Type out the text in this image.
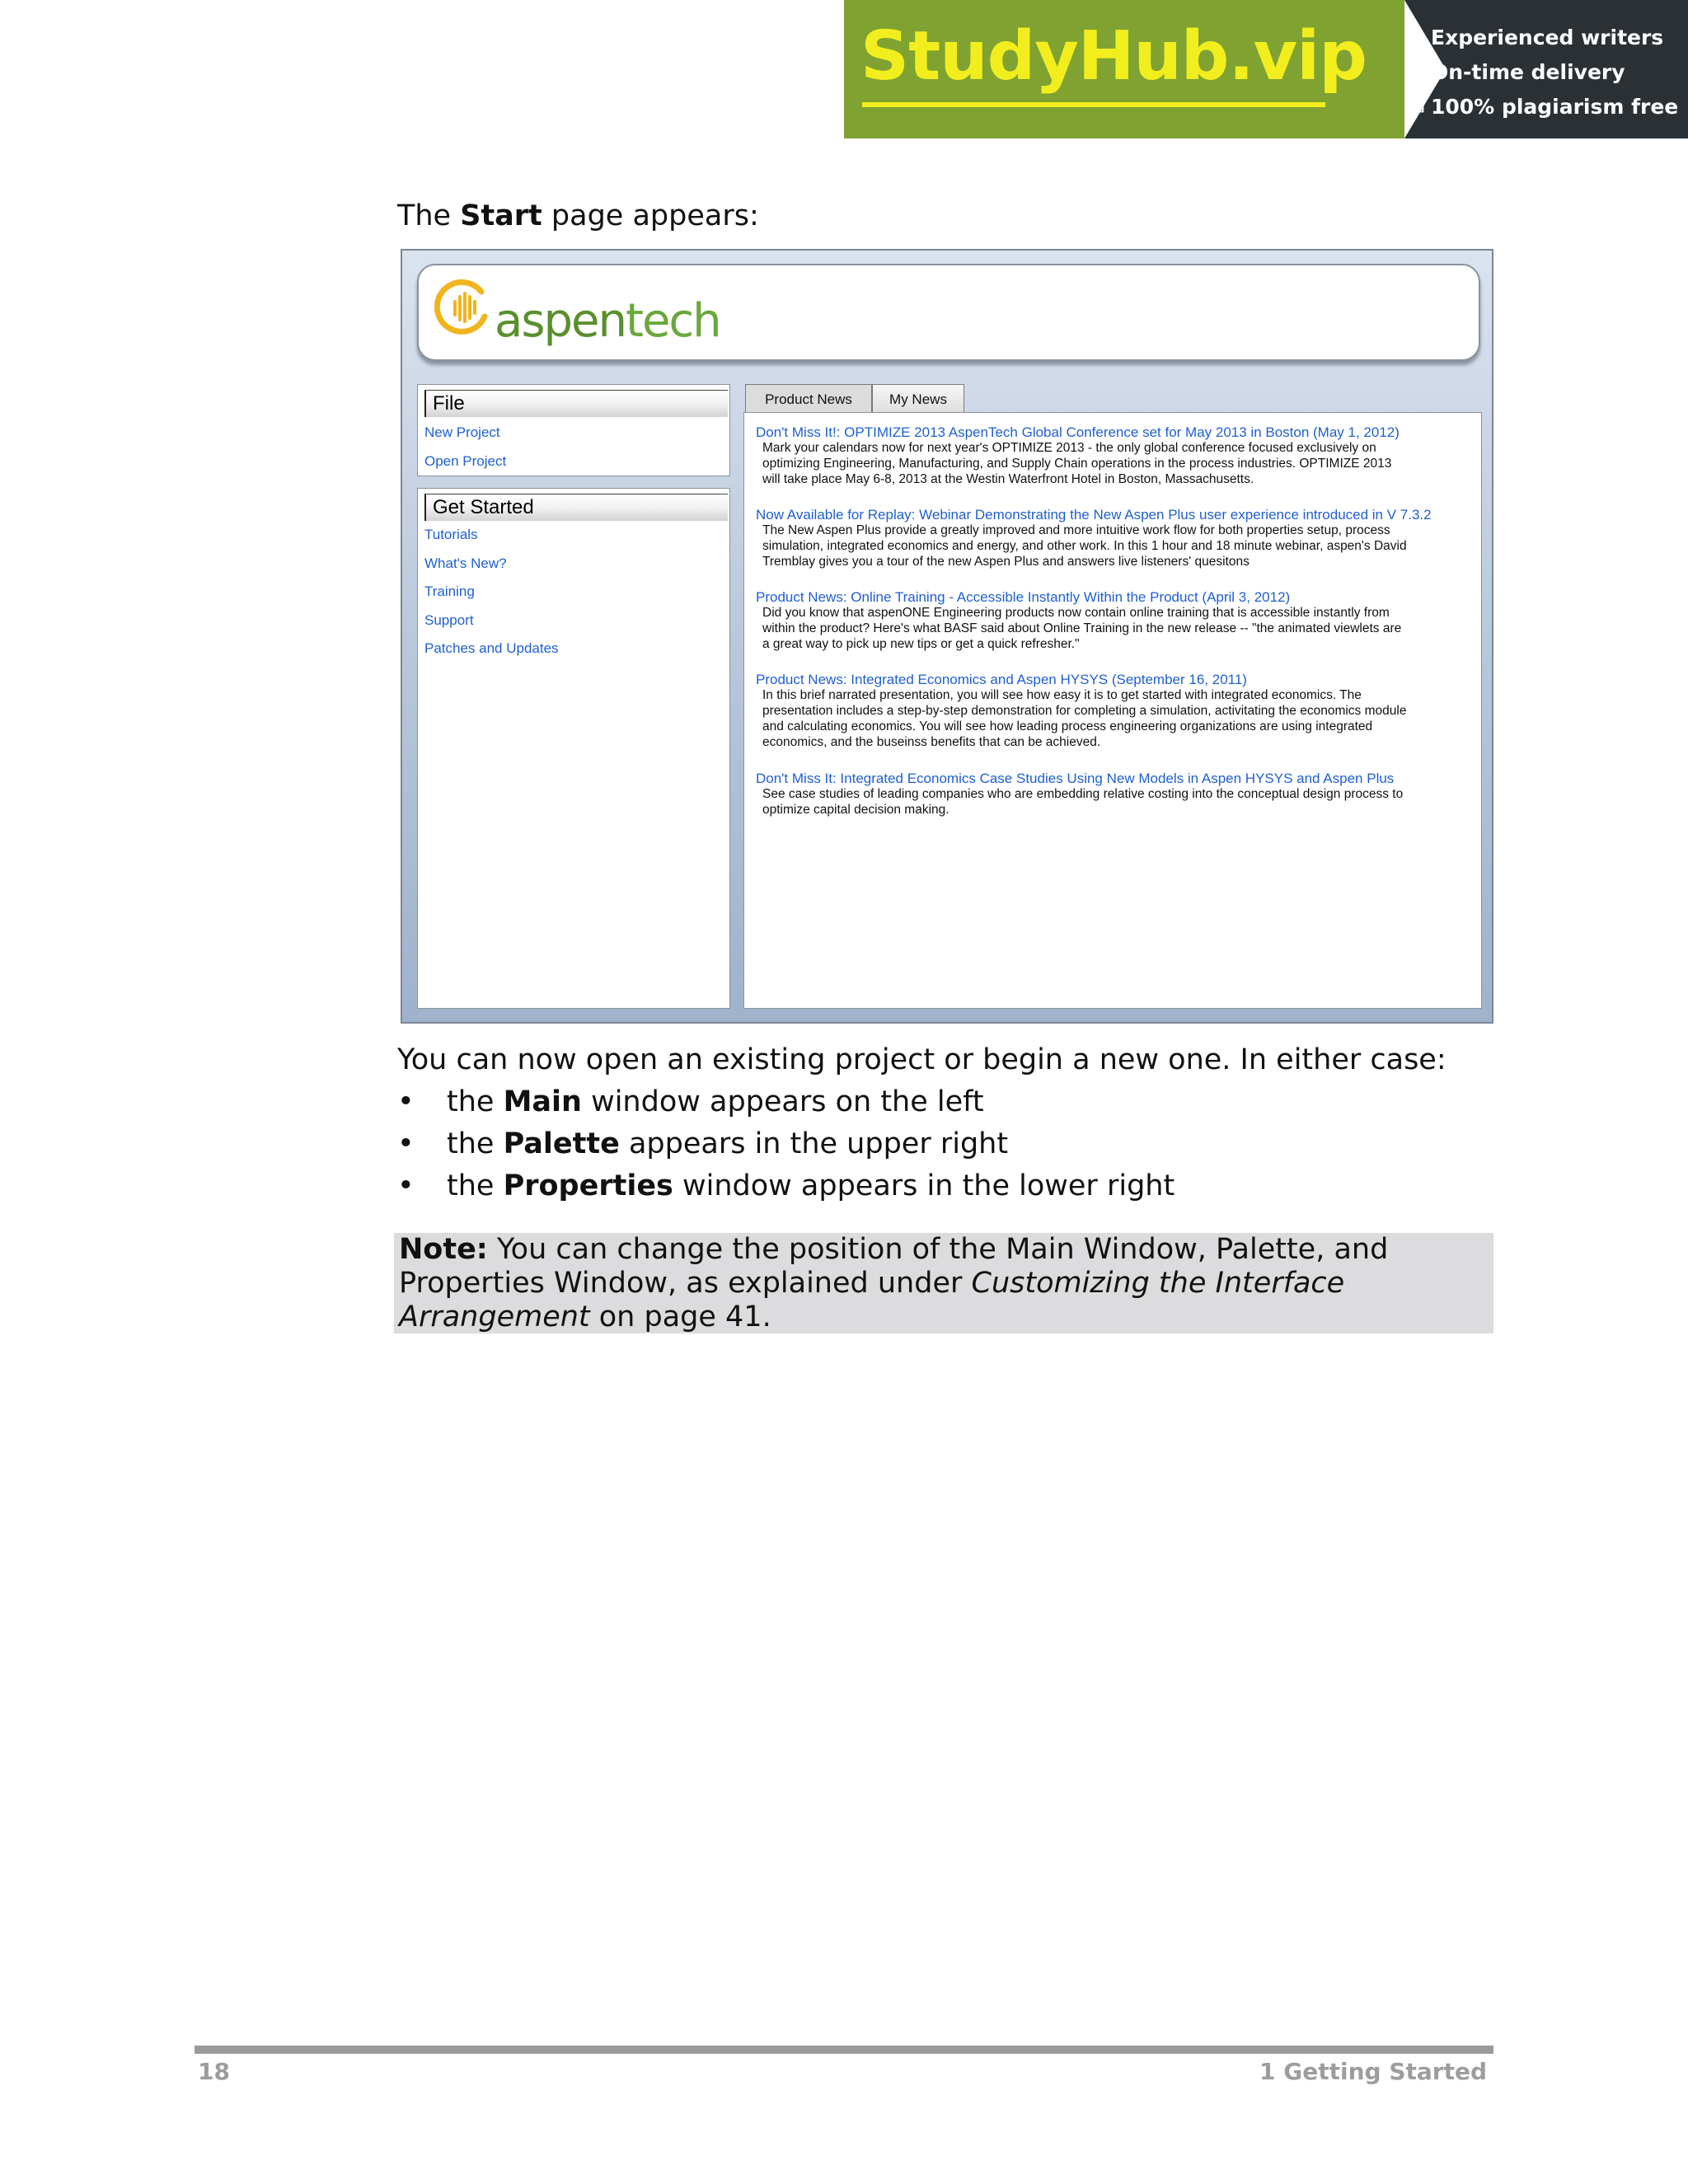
StudyHub.vip ☆ Experienced writers
⏲ On-time delivery
⧉ 100% plagiarism free
The Start page appears:
aspentech
File
New Project
Open Project
Get Started
Tutorials
What's New?
Training
Support
Patches and Updates
Product News	My News
Don't Miss It!: OPTIMIZE 2013 AspenTech Global Conference set for May 2013 in Boston (May 1, 2012)
Mark your calendars now for next year's OPTIMIZE 2013 - the only global conference focused exclusively on
optimizing Engineering, Manufacturing, and Supply Chain operations in the process industries. OPTIMIZE 2013
will take place May 6-8, 2013 at the Westin Waterfront Hotel in Boston, Massachusetts.
Now Available for Replay: Webinar Demonstrating the New Aspen Plus user experience introduced in V 7.3.2
The New Aspen Plus provide a greatly improved and more intuitive work flow for both properties setup, process
simulation, integrated economics and energy, and other work. In this 1 hour and 18 minute webinar, aspen's David
Tremblay gives you a tour of the new Aspen Plus and answers live listeners' quesitons
Product News: Online Training - Accessible Instantly Within the Product (April 3, 2012)
Did you know that aspenONE Engineering products now contain online training that is accessible instantly from
within the product? Here's what BASF said about Online Training in the new release -- "the animated viewlets are
a great way to pick up new tips or get a quick refresher."
Product News: Integrated Economics and Aspen HYSYS (September 16, 2011)
In this brief narrated presentation, you will see how easy it is to get started with integrated economics. The
presentation includes a step-by-step demonstration for completing a simulation, activitating the economics module
and calculating economics. You will see how leading process engineering organizations are using integrated
economics, and the buseinss benefits that can be achieved.
Don't Miss It: Integrated Economics Case Studies Using New Models in Aspen HYSYS and Aspen Plus
See case studies of leading companies who are embedding relative costing into the conceptual design process to
optimize capital decision making.
You can now open an existing project or begin a new one. In either case:
• the Main window appears on the left
• the Palette appears in the upper right
• the Properties window appears in the lower right
Note: You can change the position of the Main Window, Palette, and
Properties Window, as explained under Customizing the Interface
Arrangement on page 41.
18	1 Getting Started
